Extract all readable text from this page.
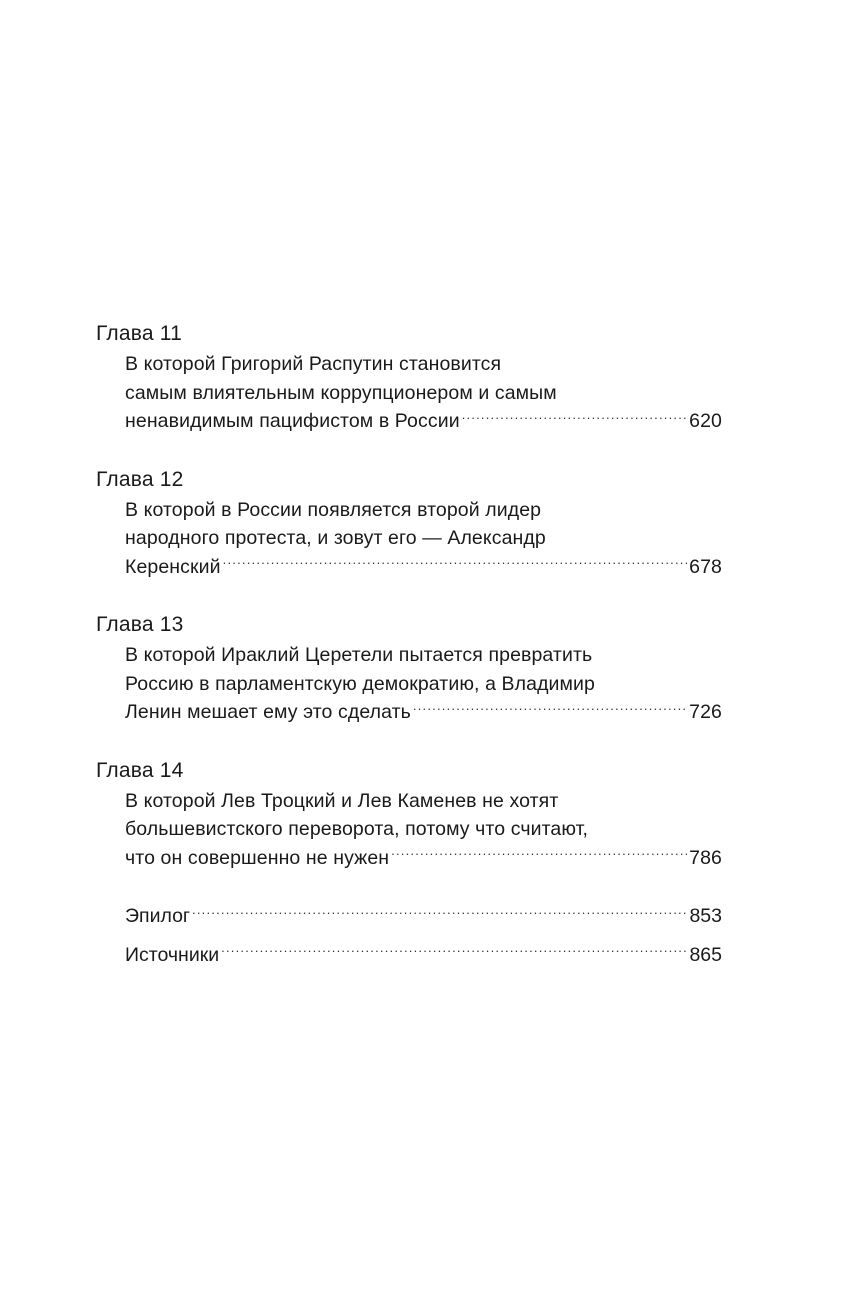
Глава 11
В которой Григорий Распутин становится
самым влиятельным коррупционером и самым
ненавидимым пацифистом в России .....	620
Глава 12
В которой в России появляется второй лидер
народного протеста, и зовут его — Александр
Керенский .....	678
Глава 13
В которой Ираклий Церетели пытается превратить
Россию в парламентскую демократию, а Владимир
Ленин мешает ему это сделать .....	726
Глава 14
В которой Лев Троцкий и Лев Каменев не хотят
большевистского переворота, потому что считают,
что он совершенно не нужен .....	786
Эпилог .....	853
Источники .....	865
